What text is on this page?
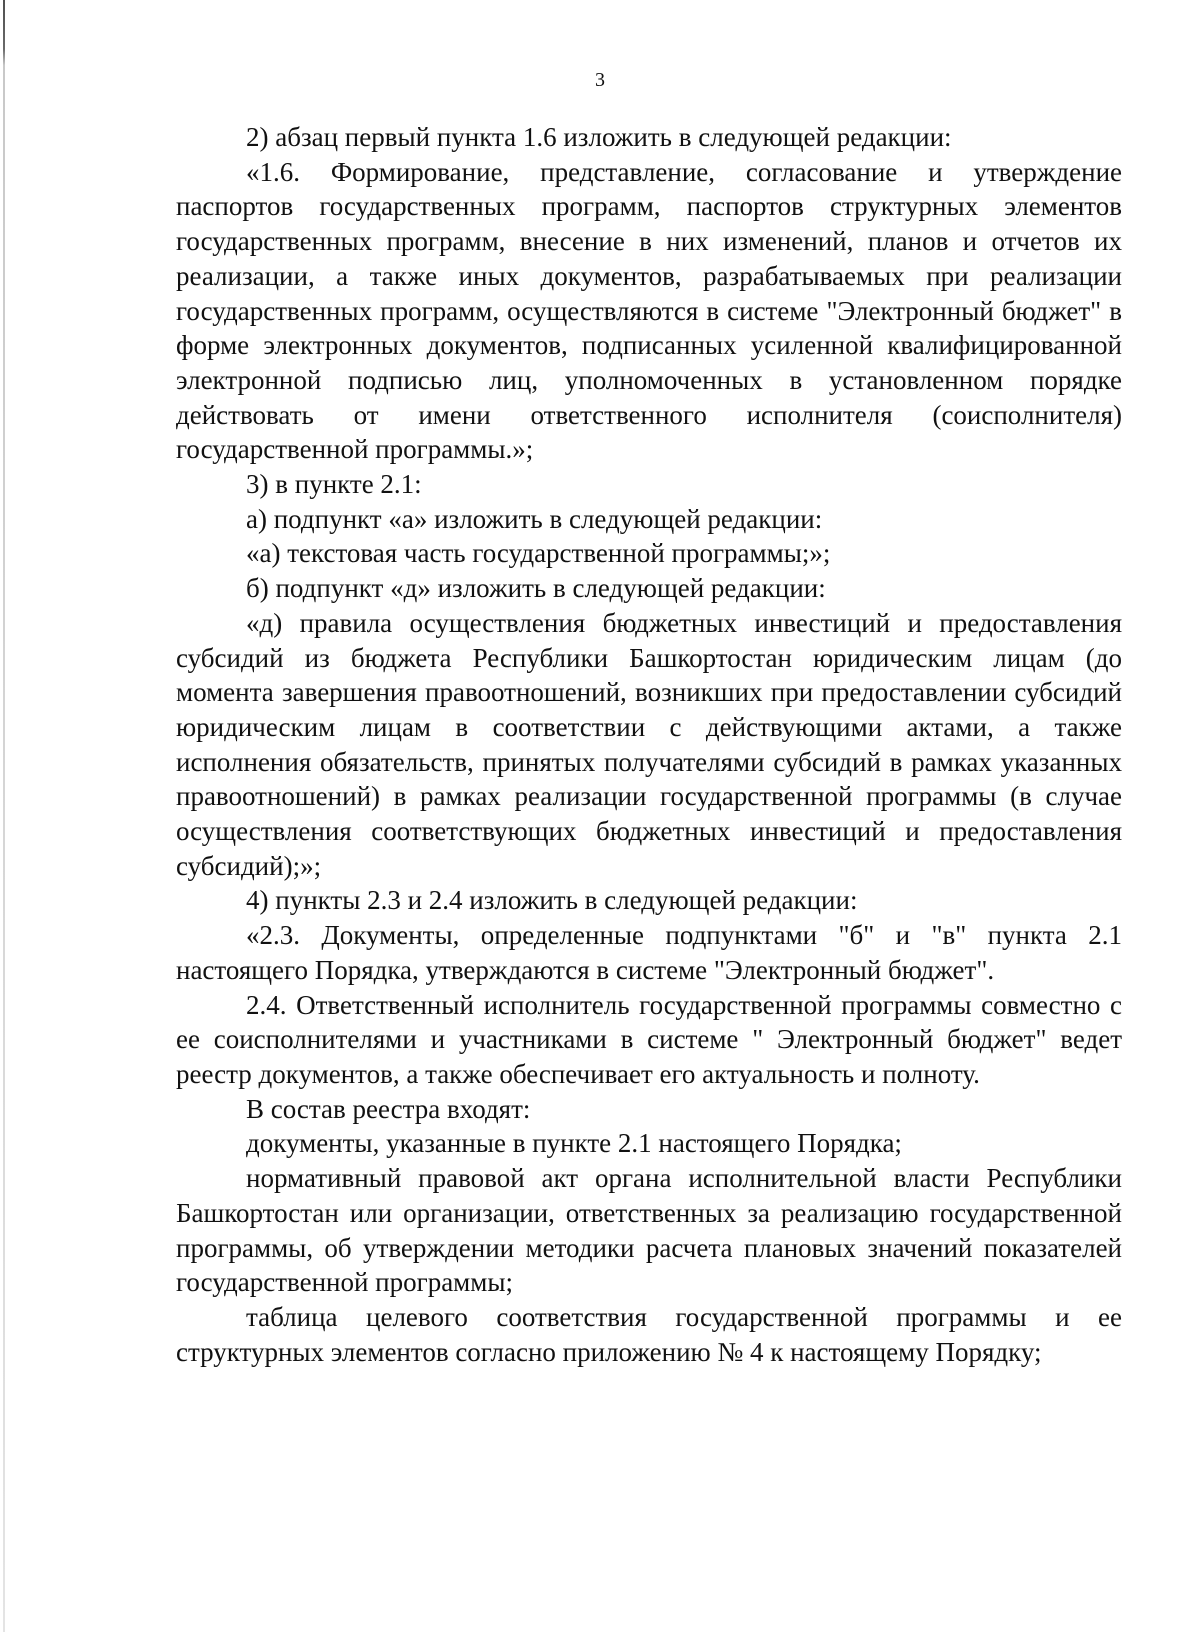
3

2) абзац первый пункта 1.6 изложить в следующей редакции:

«1.6. Формирование, представление, согласование и утверждение паспортов государственных программ, паспортов структурных элементов государственных программ, внесение в них изменений, планов и отчетов их реализации, а также иных документов, разрабатываемых при реализации государственных программ, осуществляются в системе "Электронный бюджет" в форме электронных документов, подписанных усиленной квалифицированной электронной подписью лиц, уполномоченных в установленном порядке действовать от имени ответственного исполнителя (соисполнителя) государственной программы.»;

3) в пункте 2.1:

а) подпункт «а» изложить в следующей редакции:

«а) текстовая часть государственной программы;»;

б) подпункт «д» изложить в следующей редакции:

«д) правила осуществления бюджетных инвестиций и предоставления субсидий из бюджета Республики Башкортостан юридическим лицам (до момента завершения правоотношений, возникших при предоставлении субсидий юридическим лицам в соответствии с действующими актами, а также исполнения обязательств, принятых получателями субсидий в рамках указанных правоотношений) в рамках реализации государственной программы (в случае осуществления соответствующих бюджетных инвестиций и предоставления субсидий);»;

4) пункты 2.3 и 2.4 изложить в следующей редакции:

«2.3. Документы, определенные подпунктами "б" и "в" пункта 2.1 настоящего Порядка, утверждаются в системе "Электронный бюджет".

2.4. Ответственный исполнитель государственной программы совместно с ее соисполнителями и участниками в системе " Электронный бюджет" ведет реестр документов, а также обеспечивает его актуальность и полноту.

В состав реестра входят:

документы, указанные в пункте 2.1 настоящего Порядка;

нормативный правовой акт органа исполнительной власти Республики Башкортостан или организации, ответственных за реализацию государственной программы, об утверждении методики расчета плановых значений показателей государственной программы;

таблица целевого соответствия государственной программы и ее структурных элементов согласно приложению № 4 к настоящему Порядку;
